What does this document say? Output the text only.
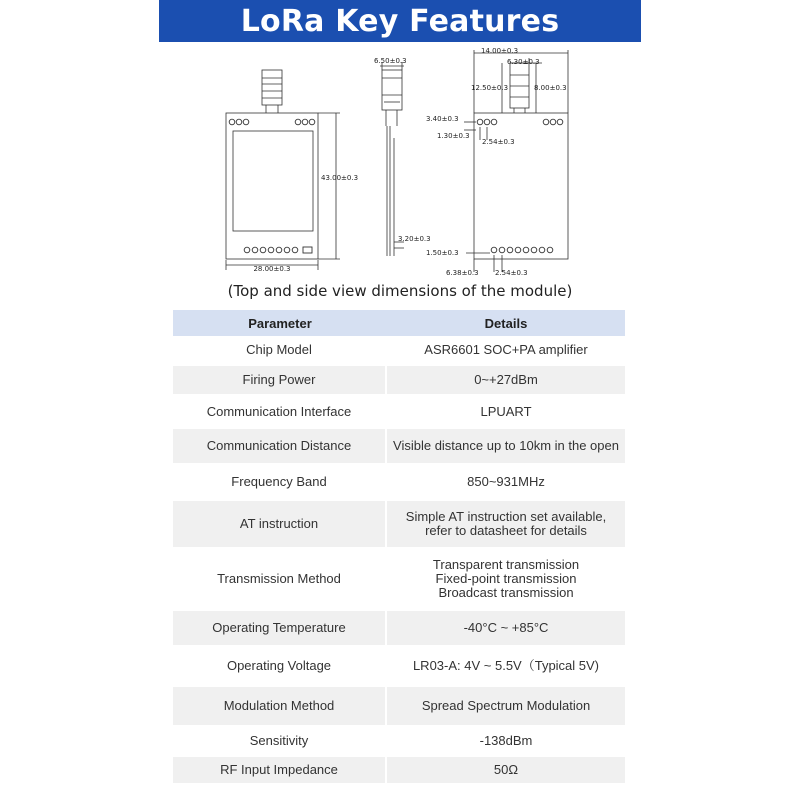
LoRa Key Features
28.00±0.3
43.00±0.3
6.50±0.3
3.20±0.3
14.00±0.3
6.30±0.3
12.50±0.3	8.00±0.3
3.40±0.3
1.30±0.3
2.54±0.3
1.50±0.3
6.38±0.3 2.54±0.3
(Top and side view dimensions of the module)
Parameter	Details
Chip Model	ASR6601 SOC+PA amplifier

Firing Power	0~+27dBm

Communication Interface	LPUART

Communication Distance	Visible distance up to 10km in the open

Frequency Band	850~931MHz

AT instruction	Simple AT instruction set available,
refer to datasheet for details

Transmission Method	Transparent transmission
Fixed-point transmission
Broadcast transmission

Operating Temperature	-40°C ~ +85°C

Operating Voltage	LR03-A: 4V ~ 5.5V（Typical 5V)

Modulation Method	Spread Spectrum Modulation

Sensitivity	-138dBm

RF Input Impedance	50Ω
